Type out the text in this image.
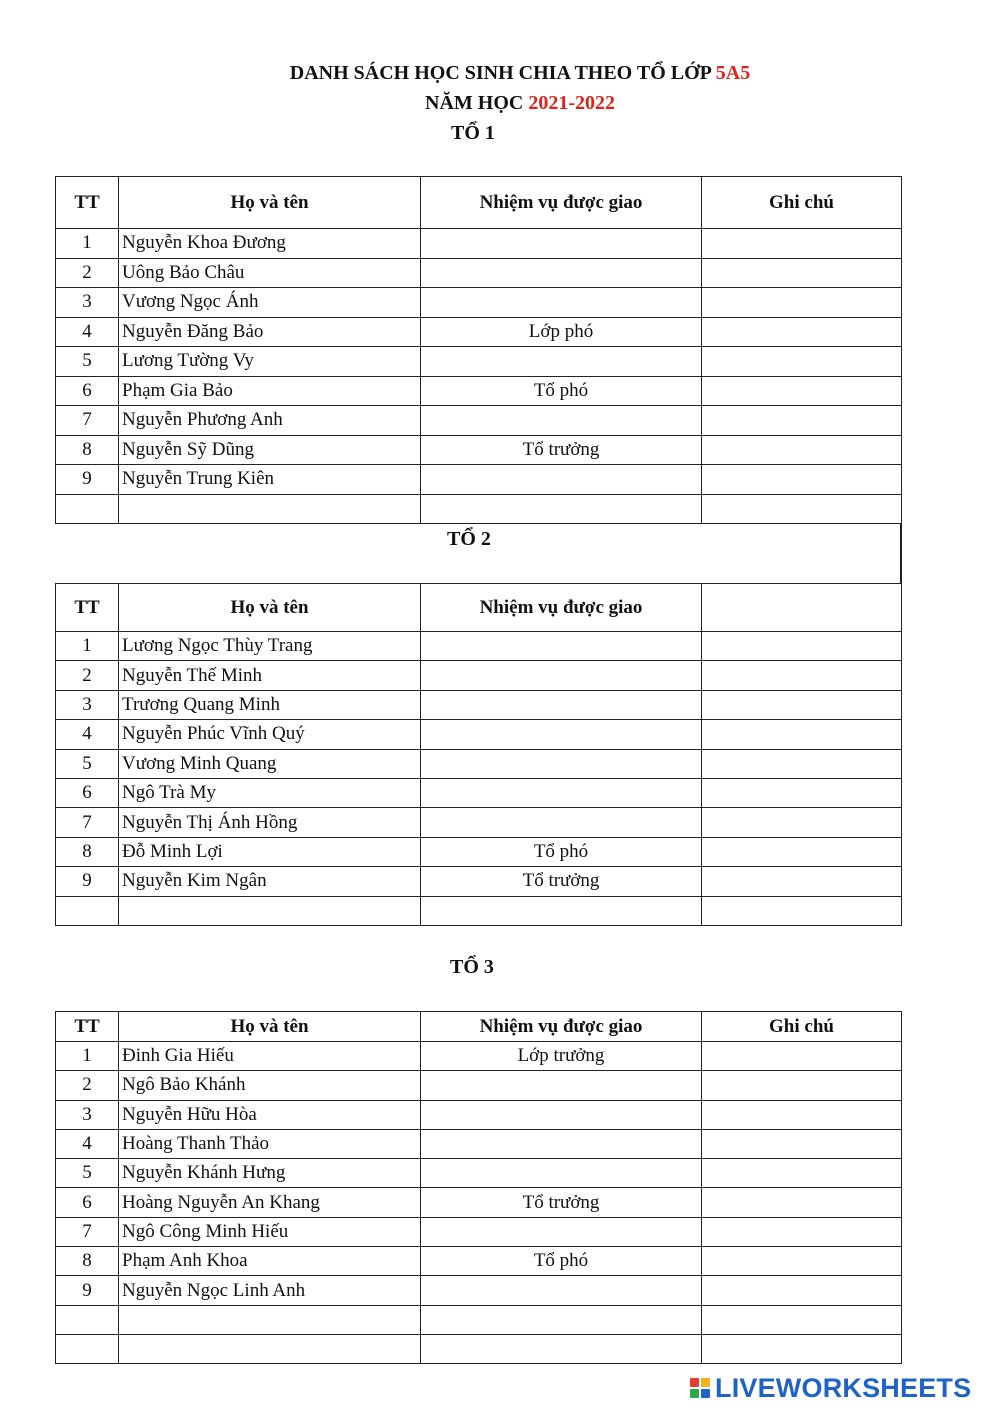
DANH SÁCH HỌC SINH CHIA THEO TỔ LỚP 5A5
NĂM HỌC 2021-2022
TỔ 1
TT	Họ và tên	Nhiệm vụ được giao	Ghi chú
1	Nguyễn Khoa Đương		
2	Uông Bảo Châu		
3	Vương Ngọc Ánh		
4	Nguyễn Đăng Bảo	Lớp phó	
5	Lương Tường Vy		
6	Phạm Gia Bảo	Tổ phó	
7	Nguyễn Phương Anh		
8	Nguyễn Sỹ Dũng	Tổ trưởng	
9	Nguyễn Trung Kiên		

TỔ 2
TT	Họ và tên	Nhiệm vụ được giao	
1	Lương Ngọc Thùy Trang		
2	Nguyễn Thế Minh		
3	Trương Quang Minh		
4	Nguyễn Phúc Vĩnh Quý		
5	Vương Minh Quang		
6	Ngô Trà My		
7	Nguyễn Thị Ánh Hồng		
8	Đỗ Minh Lợi	Tổ phó	
9	Nguyễn Kim Ngân	Tổ trưởng	

TỔ 3
TT	Họ và tên	Nhiệm vụ được giao	Ghi chú
1	Đinh Gia Hiếu	Lớp trưởng	
2	Ngô Bảo Khánh		
3	Nguyễn Hữu Hòa		
4	Hoàng Thanh Thảo		
5	Nguyễn Khánh Hưng		
6	Hoàng Nguyễn An Khang	Tổ trưởng	
7	Ngô Công Minh Hiếu		
8	Phạm Anh Khoa	Tổ phó	
9	Nguyễn Ngọc Linh Anh		

LIVEWORKSHEETS
